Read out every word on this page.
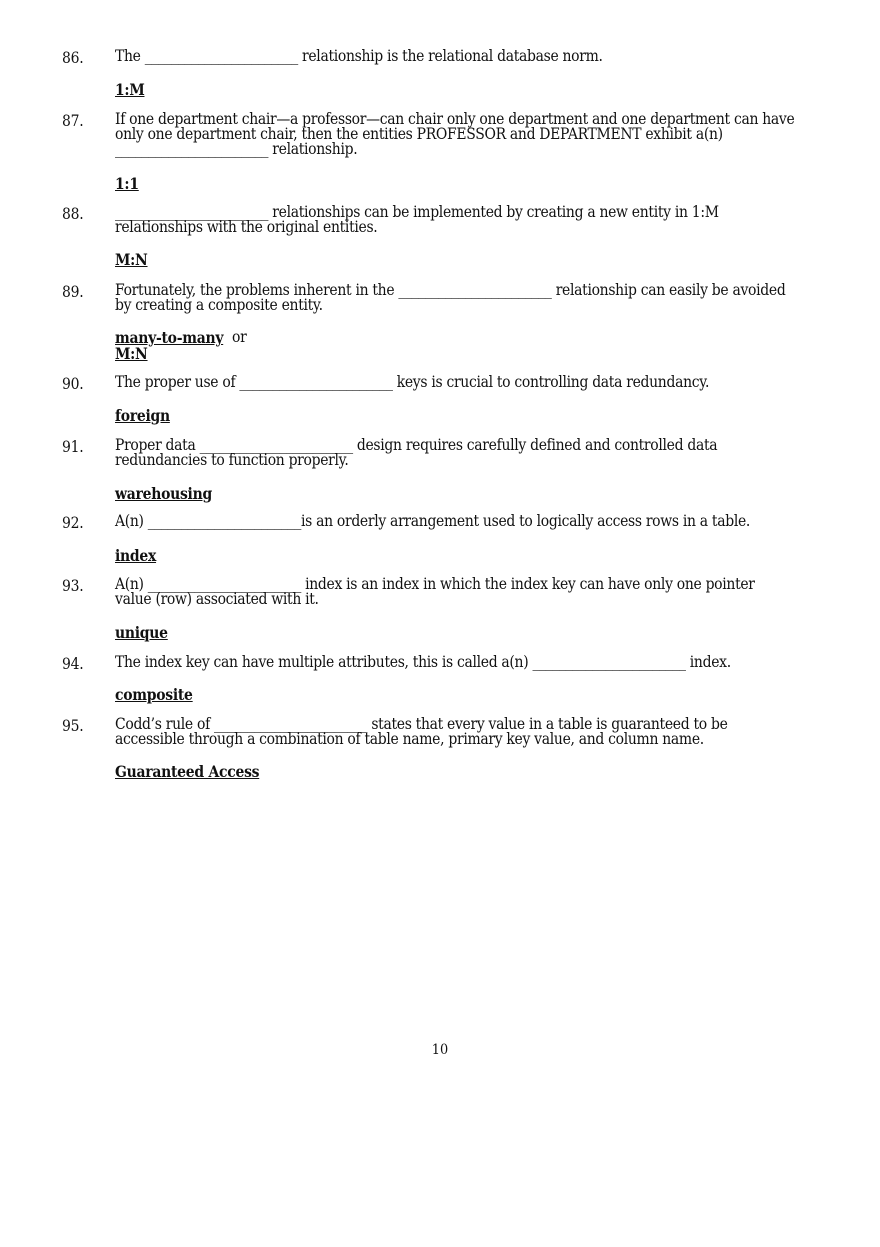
86. The _______________________ relationship is the relational database norm.
1:M
87. If one department chair—a professor—can chair only one department and one department can have
only one department chair, then the entities PROFESSOR and DEPARTMENT exhibit a(n)
_______________________ relationship.
1:1
88. _______________________ relationships can be implemented by creating a new entity in 1:M
relationships with the original entities.
M:N
89. Fortunately, the problems inherent in the _______________________ relationship can easily be avoided
by creating a composite entity.
many-to-many or
M:N
90. The proper use of _______________________ keys is crucial to controlling data redundancy.
foreign
91. Proper data _______________________ design requires carefully defined and controlled data
redundancies to function properly.
warehousing
92. A(n) _______________________is an orderly arrangement used to logically access rows in a table.
index
93. A(n) _______________________ index is an index in which the index key can have only one pointer
value (row) associated with it.
unique
94. The index key can have multiple attributes, this is called a(n) _______________________ index.
composite
95. Codd’s rule of _______________________ states that every value in a table is guaranteed to be
accessible through a combination of table name, primary key value, and column name.
Guaranteed Access
10
